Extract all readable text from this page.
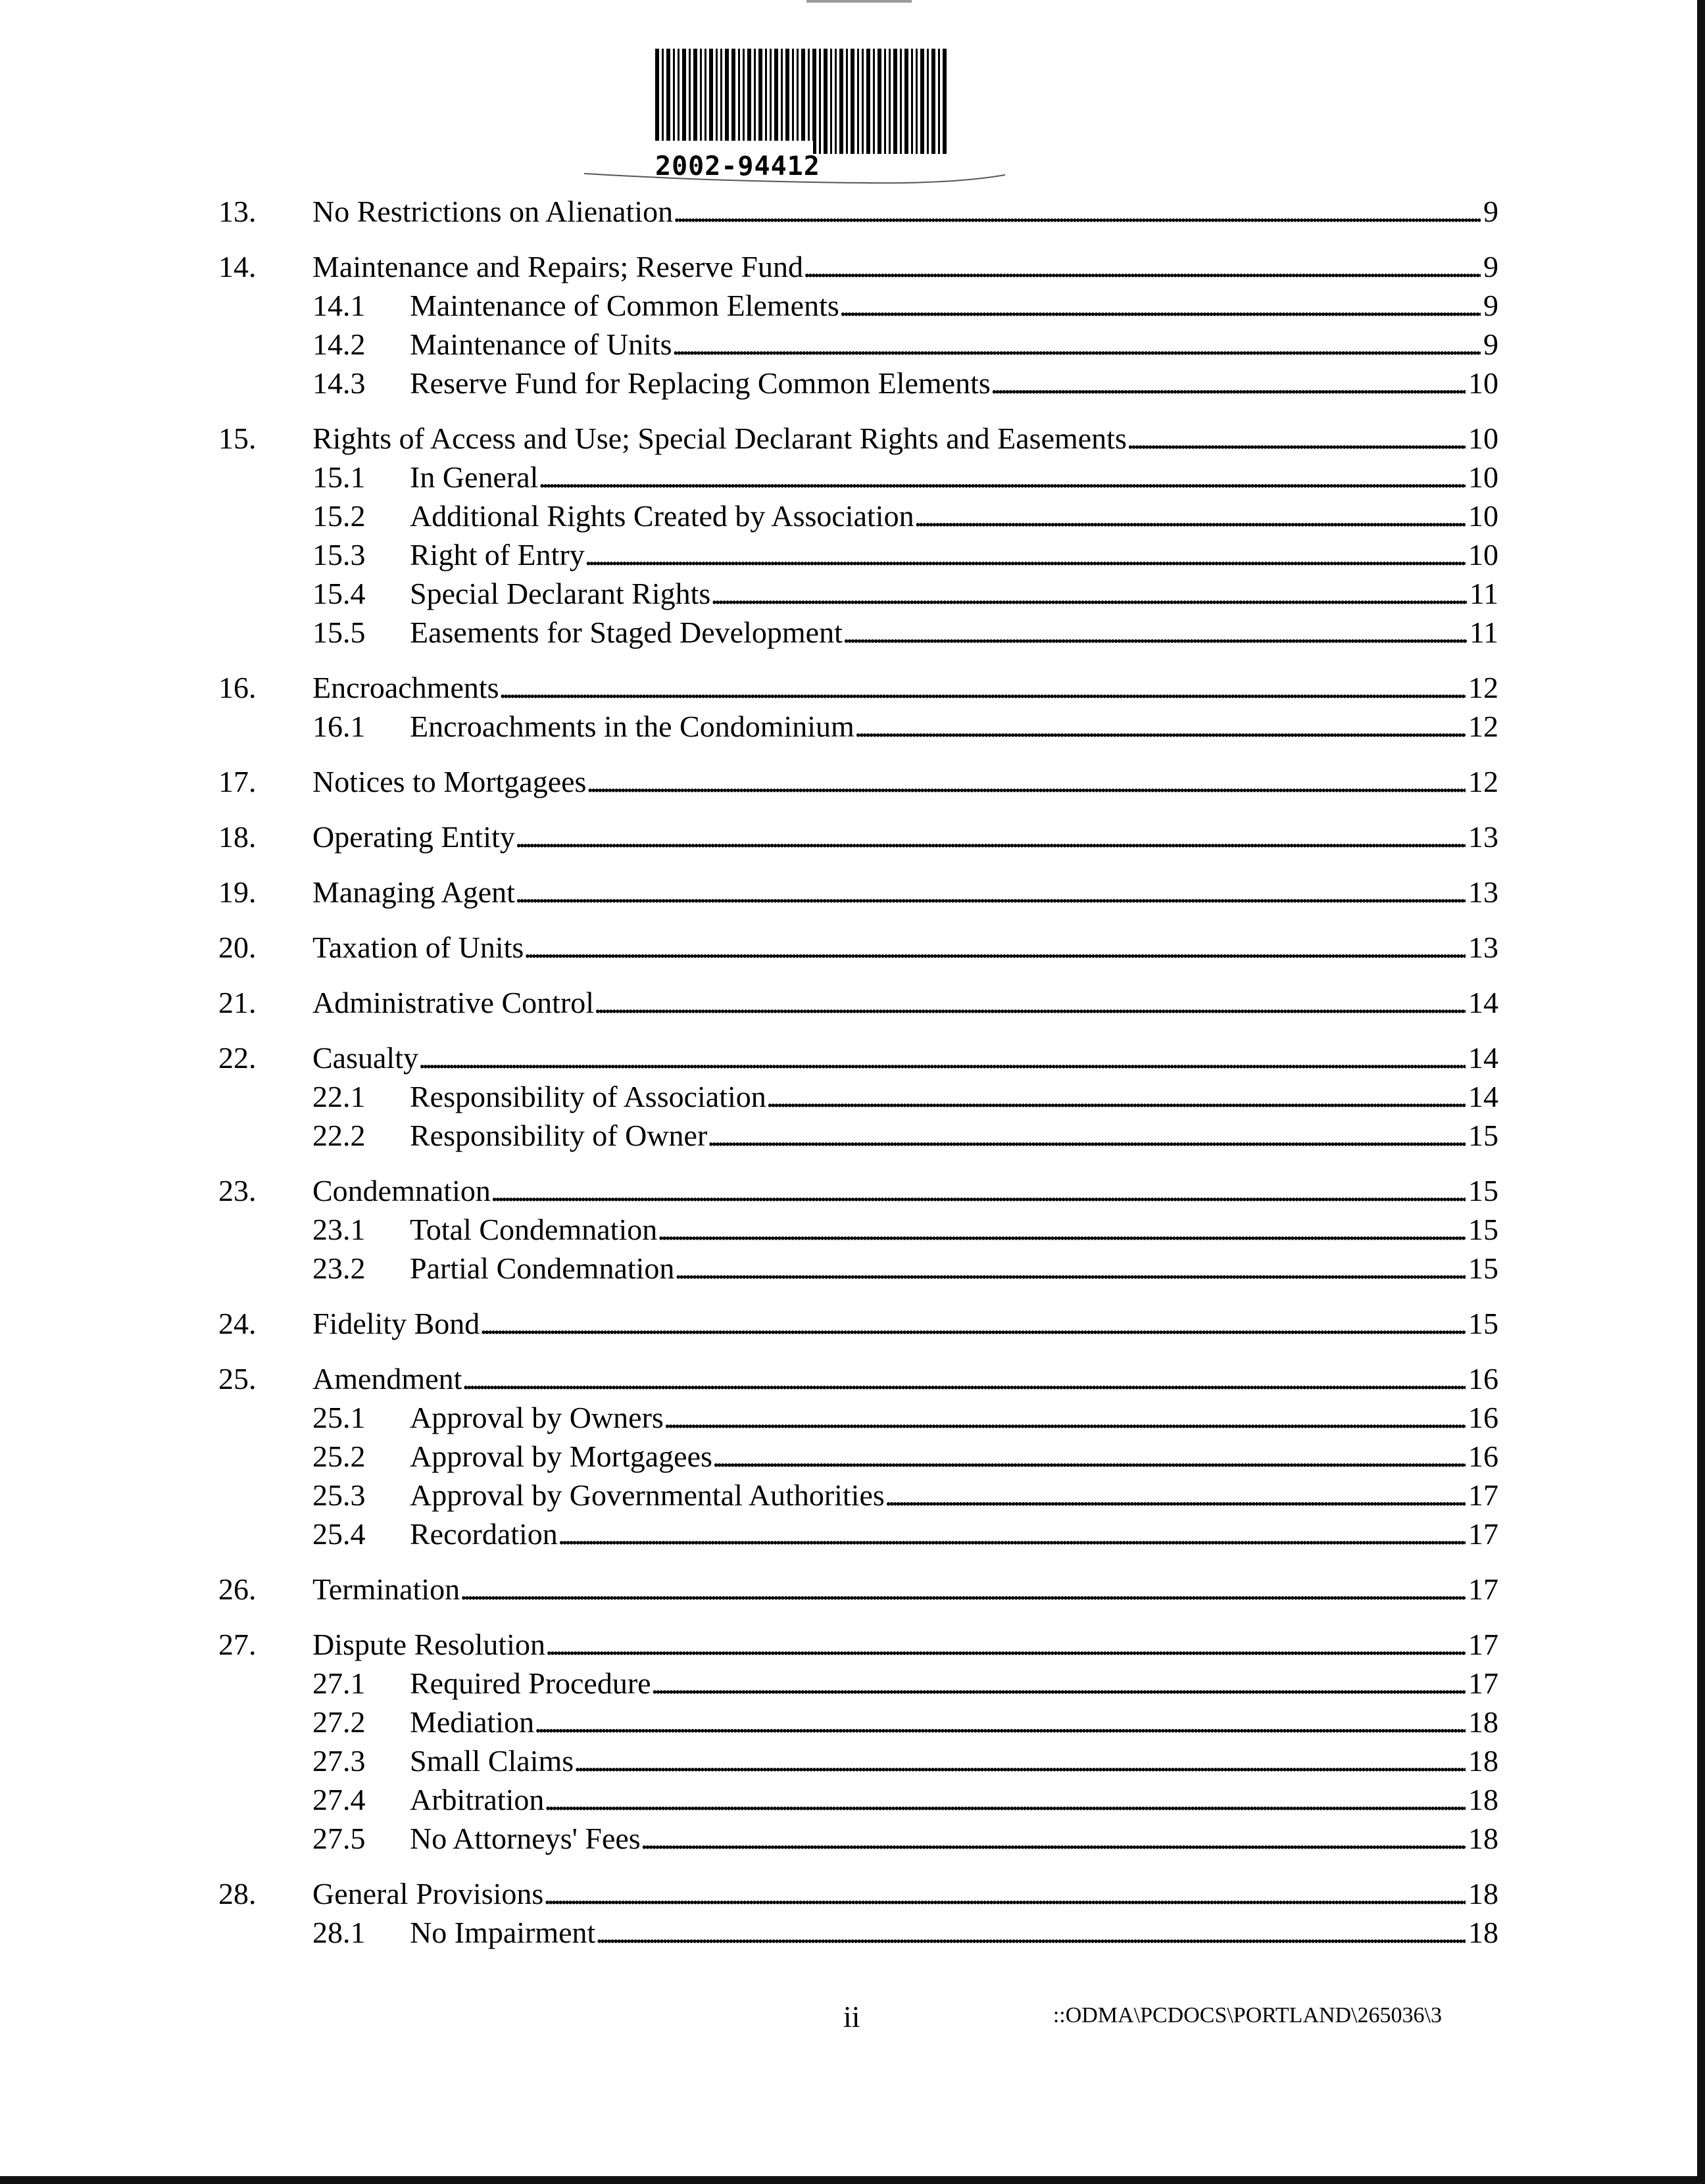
2002-94412
13.	No Restrictions on Alienation . . .	9
14.	Maintenance and Repairs; Reserve Fund . . .	9
14.1	Maintenance of Common Elements . . .	9
14.2	Maintenance of Units . . .	9
14.3	Reserve Fund for Replacing Common Elements . . .	10
15.	Rights of Access and Use; Special Declarant Rights and Easements . . .	10
15.1	In General . . .	10
15.2	Additional Rights Created by Association . . .	10
15.3	Right of Entry . . .	10
15.4	Special Declarant Rights . . .	11
15.5	Easements for Staged Development . . .	11
16.	Encroachments . . .	12
16.1	Encroachments in the Condominium . . .	12
17.	Notices to Mortgagees . . .	12
18.	Operating Entity . . .	13
19.	Managing Agent . . .	13
20.	Taxation of Units . . .	13
21.	Administrative Control . . .	14
22.	Casualty . . .	14
22.1	Responsibility of Association . . .	14
22.2	Responsibility of Owner . . .	15
23.	Condemnation . . .	15
23.1	Total Condemnation . . .	15
23.2	Partial Condemnation . . .	15
24.	Fidelity Bond . . .	15
25.	Amendment . . .	16
25.1	Approval by Owners . . .	16
25.2	Approval by Mortgagees . . .	16
25.3	Approval by Governmental Authorities . . .	17
25.4	Recordation . . .	17
26.	Termination . . .	17
27.	Dispute Resolution . . .	17
27.1	Required Procedure . . .	17
27.2	Mediation . . .	18
27.3	Small Claims . . .	18
27.4	Arbitration . . .	18
27.5	No Attorneys' Fees . . .	18
28.	General Provisions . . .	18
28.1	No Impairment . . .	18
ii	::ODMA\PCDOCS\PORTLAND\265036\3
